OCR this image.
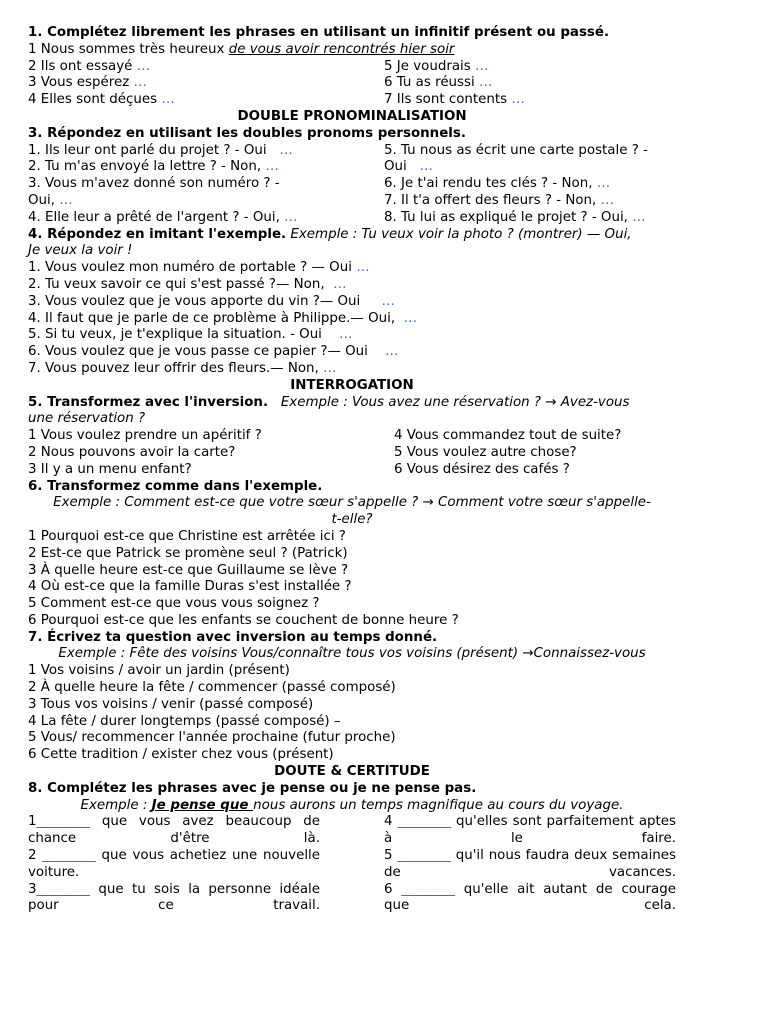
1. Complétez librement les phrases en utilisant un infinitif présent ou passé.
1 Nous sommes très heureux de vous avoir rencontrés hier soir
2 Ils ont essayé …
3 Vous espérez …
4 Elles sont déçues …
5 Je voudrais …
6 Tu as réussi …
7 Ils sont contents …
DOUBLE PRONOMINALISATION
3. Répondez en utilisant les doubles pronoms personnels.
1. Ils leur ont parlé du projet ? - Oui   …
2. Tu m'as envoyé la lettre ? - Non, …
3. Vous m'avez donné son numéro ? -
Oui, …
4. Elle leur a prêté de l'argent ? - Oui, …
5. Tu nous as écrit une carte postale ? -
Oui   …
6. Je t'ai rendu tes clés ? - Non, …
7. Il t'a offert des fleurs ? - Non, …
8. Tu lui as expliqué le projet ? - Oui, …
4. Répondez en imitant l'exemple. Exemple : Tu veux voir la photo ? (montrer) — Oui,
Je veux la voir !
1. Vous voulez mon numéro de portable ? — Oui …
2. Tu veux savoir ce qui s'est passé ?— Non,  …
3. Vous voulez que je vous apporte du vin ?— Oui     …
4. Il faut que je parle de ce problème à Philippe.— Oui,  …
5. Si tu veux, je t'explique la situation. - Oui    …
6. Vous voulez que je vous passe ce papier ?— Oui    …
7. Vous pouvez leur offrir des fleurs.— Non, …
INTERROGATION
5. Transformez avec l'inversion. Exemple : Vous avez une réservation ? → Avez-vous
une réservation ?
1 Vous voulez prendre un apéritif ?
2 Nous pouvons avoir la carte?
3 Il y a un menu enfant?
4 Vous commandez tout de suite?
5 Vous voulez autre chose?
6 Vous désirez des cafés ?
6. Transformez comme dans l'exemple.
Exemple : Comment est-ce que votre sœur s'appelle ? → Comment votre sœur s'appelle-
t-elle?
1 Pourquoi est-ce que Christine est arrêtée ici ?
2 Est-ce que Patrick se promène seul ? (Patrick)
3 À quelle heure est-ce que Guillaume se lève ?
4 Où est-ce que la famille Duras s'est installée ?
5 Comment est-ce que vous vous soignez ?
6 Pourquoi est-ce que les enfants se couchent de bonne heure ?
7. Écrivez ta question avec inversion au temps donné.
Exemple : Fête des voisins Vous/connaître tous vos voisins (présent) →Connaissez-vous
1 Vos voisins / avoir un jardin (présent)
2 À quelle heure la fête / commencer (passé composé)
3 Tous vos voisins / venir (passé composé)
4 La fête / durer longtemps (passé composé) –
5 Vous/ recommencer l'année prochaine (futur proche)
6 Cette tradition / exister chez vous (présent)
DOUTE & CERTITUDE
8. Complétez les phrases avec je pense ou je ne pense pas.
Exemple : Je pense que nous aurons un temps magnifique au cours du voyage.
1________ que vous avez beaucoup de chance d'être là.
2 ________ que vous achetiez une nouvelle voiture.
3________ que tu sois la personne idéale pour ce travail.
4 ________ qu'elles sont parfaitement aptes à le faire.
5 ________ qu'il nous faudra deux semaines de vacances.
6 ________ qu'elle ait autant de courage que cela.
